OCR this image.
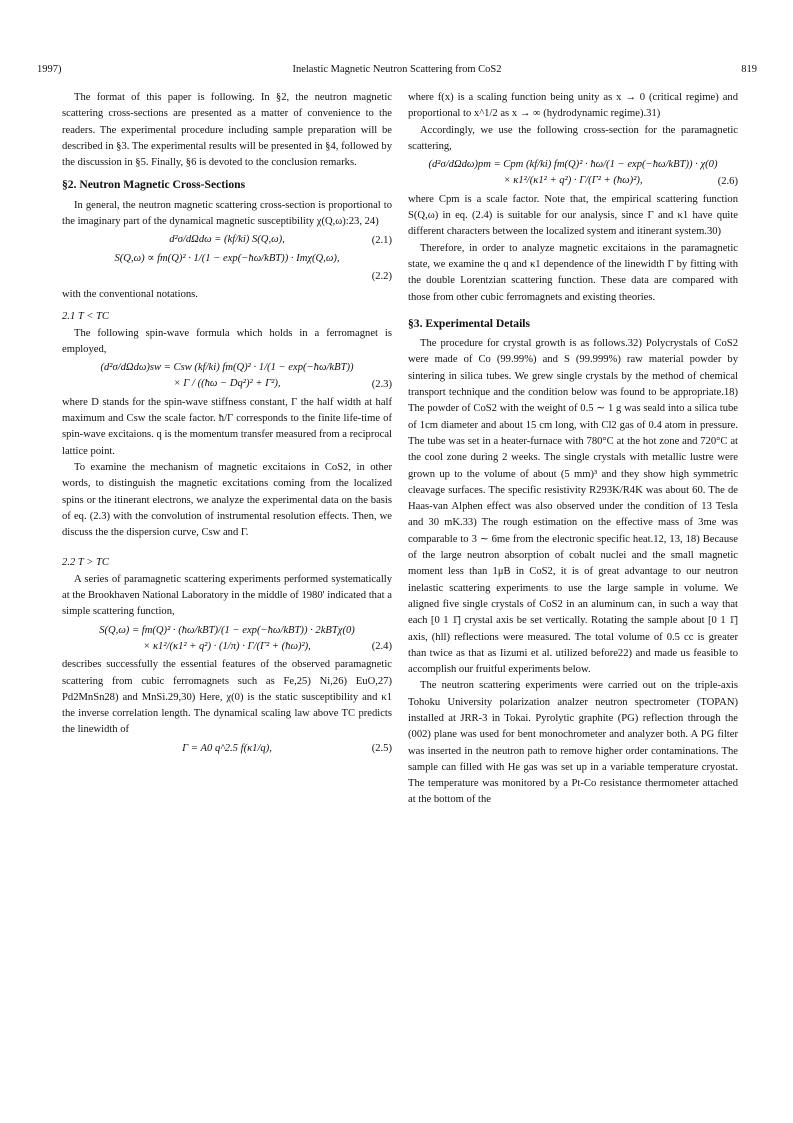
1997)	Inelastic Magnetic Neutron Scattering from CoS2	819

The format of this paper is following. In §2, the neutron magnetic scattering cross-sections are presented as a matter of convenience to the readers. The experimental procedure including sample preparation will be described in §3. The experimental results will be presented in §4, followed by the discussion in §5. Finally, §6 is devoted to the conclusion remarks.

§2. Neutron Magnetic Cross-Sections

In general, the neutron magnetic scattering cross-section is proportional to the imaginary part of the dynamical magnetic susceptibility χ(Q,ω):23, 24)

d²σ/dΩdω = (kf/ki) S(Q,ω),	(2.1)
S(Q,ω) ∝ fm(Q)² · 1/(1 − exp(−ħω/kBT)) · Imχ(Q,ω),
(2.2)

with the conventional notations.

2.1 T < TC

The following spin-wave formula which holds in a ferromagnet is employed,

(d²σ/dΩdω)sw = Csw (kf/ki) fm(Q)² · 1/(1 − exp(−ħω/kBT))
× Γ / ((ħω − Dq²)² + Γ²),	(2.3)

where D stands for the spin-wave stiffness constant, Γ the half width at half maximum and Csw the scale factor. ħ/Γ corresponds to the finite life-time of spin-wave excitaions. q is the momentum transfer measured from a reciprocal lattice point.

To examine the mechanism of magnetic excitaions in CoS2, in other words, to distinguish the magnetic excitations coming from the localized spins or the itinerant electrons, we analyze the experimental data on the basis of eq. (2.3) with the convolution of instrumental resolution effects. Then, we discuss the the dispersion curve, Csw and Γ.

2.2 T > TC

A series of paramagnetic scattering experiments performed systematically at the Brookhaven National Laboratory in the middle of 1980' indicated that a simple scattering function,

S(Q,ω) = fm(Q)² · (ħω/kBT)/(1 − exp(−ħω/kBT)) · 2kBTχ(0)
× κ1²/(κ1² + q²) · (1/π) · Γ/(Γ² + (ħω)²),	(2.4)

describes successfully the essential features of the observed paramagnetic scattering from cubic ferromagnets such as Fe,25) Ni,26) EuO,27) Pd2MnSn28) and MnSi.29,30) Here, χ(0) is the static susceptibility and κ1 the inverse correlation length. The dynamical scaling law above TC predicts the linewidth of

Γ = A0 q^2.5 f(κ1/q),	(2.5)

where f(x) is a scaling function being unity as x → 0 (critical regime) and proportional to x^1/2 as x → ∞ (hydrodynamic regime).31)

Accordingly, we use the following cross-section for the paramagnetic scattering,

(d²σ/dΩdω)pm = Cpm (kf/ki) fm(Q)² · ħω/(1 − exp(−ħω/kBT)) · χ(0)
× κ1²/(κ1² + q²) · Γ/(Γ² + (ħω)²),	(2.6)

where Cpm is a scale factor. Note that, the empirical scattering function S(Q,ω) in eq. (2.4) is suitable for our analysis, since Γ and κ1 have quite different characters between the localized system and itinerant system.30)

Therefore, in order to analyze magnetic excitaions in the paramagnetic state, we examine the q and κ1 dependence of the linewidth Γ by fitting with the double Lorentzian scattering function. These data are compared with those from other cubic ferromagnets and existing theories.

§3. Experimental Details

The procedure for crystal growth is as follows.32) Polycrystals of CoS2 were made of Co (99.99%) and S (99.999%) raw material powder by sintering in silica tubes. We grew single crystals by the method of chemical transport technique and the condition below was found to be appropriate.18) The powder of CoS2 with the weight of 0.5 ∼ 1 g was seald into a silica tube of 1cm diameter and about 15 cm long, with Cl2 gas of 0.4 atom in pressure. The tube was set in a heater-furnace with 780°C at the hot zone and 720°C at the cool zone during 2 weeks. The single crystals with metallic lustre were grown up to the volume of about (5 mm)³ and they show high symmetric cleavage surfaces. The specific resistivity R293K/R4K was about 60. The de Haas-van Alphen effect was also observed under the condition of 13 Tesla and 30 mK.33) The rough estimation on the effective mass of 3me was comparable to 3 ∼ 6me from the electronic specific heat.12, 13, 18) Because of the large neutron absorption of cobalt nuclei and the small magnetic moment less than 1μB in CoS2, it is of great advantage to our neutron inelastic scattering experiments to use the large sample in volume. We aligned five single crystals of CoS2 in an aluminum can, in such a way that each [0 1 1̄] crystal axis be set vertically. Rotating the sample about [0 1 1̄] axis, (hll) reflections were measured. The total volume of 0.5 cc is greater than twice as that as Iizumi et al. utilized before22) and made us feasible to accomplish our fruitful experiments below.

The neutron scattering experiments were carried out on the triple-axis Tohoku University polarization analzer neutron spectrometer (TOPAN) installed at JRR-3 in Tokai. Pyrolytic graphite (PG) reflection through the (002) plane was used for bent monochrometer and analyzer both. A PG filter was inserted in the neutron path to remove higher order contaminations. The sample can filled with He gas was set up in a variable temperature cryostat. The temperature was monitored by a Pt-Co resistance thermometer attached at the bottom of the
